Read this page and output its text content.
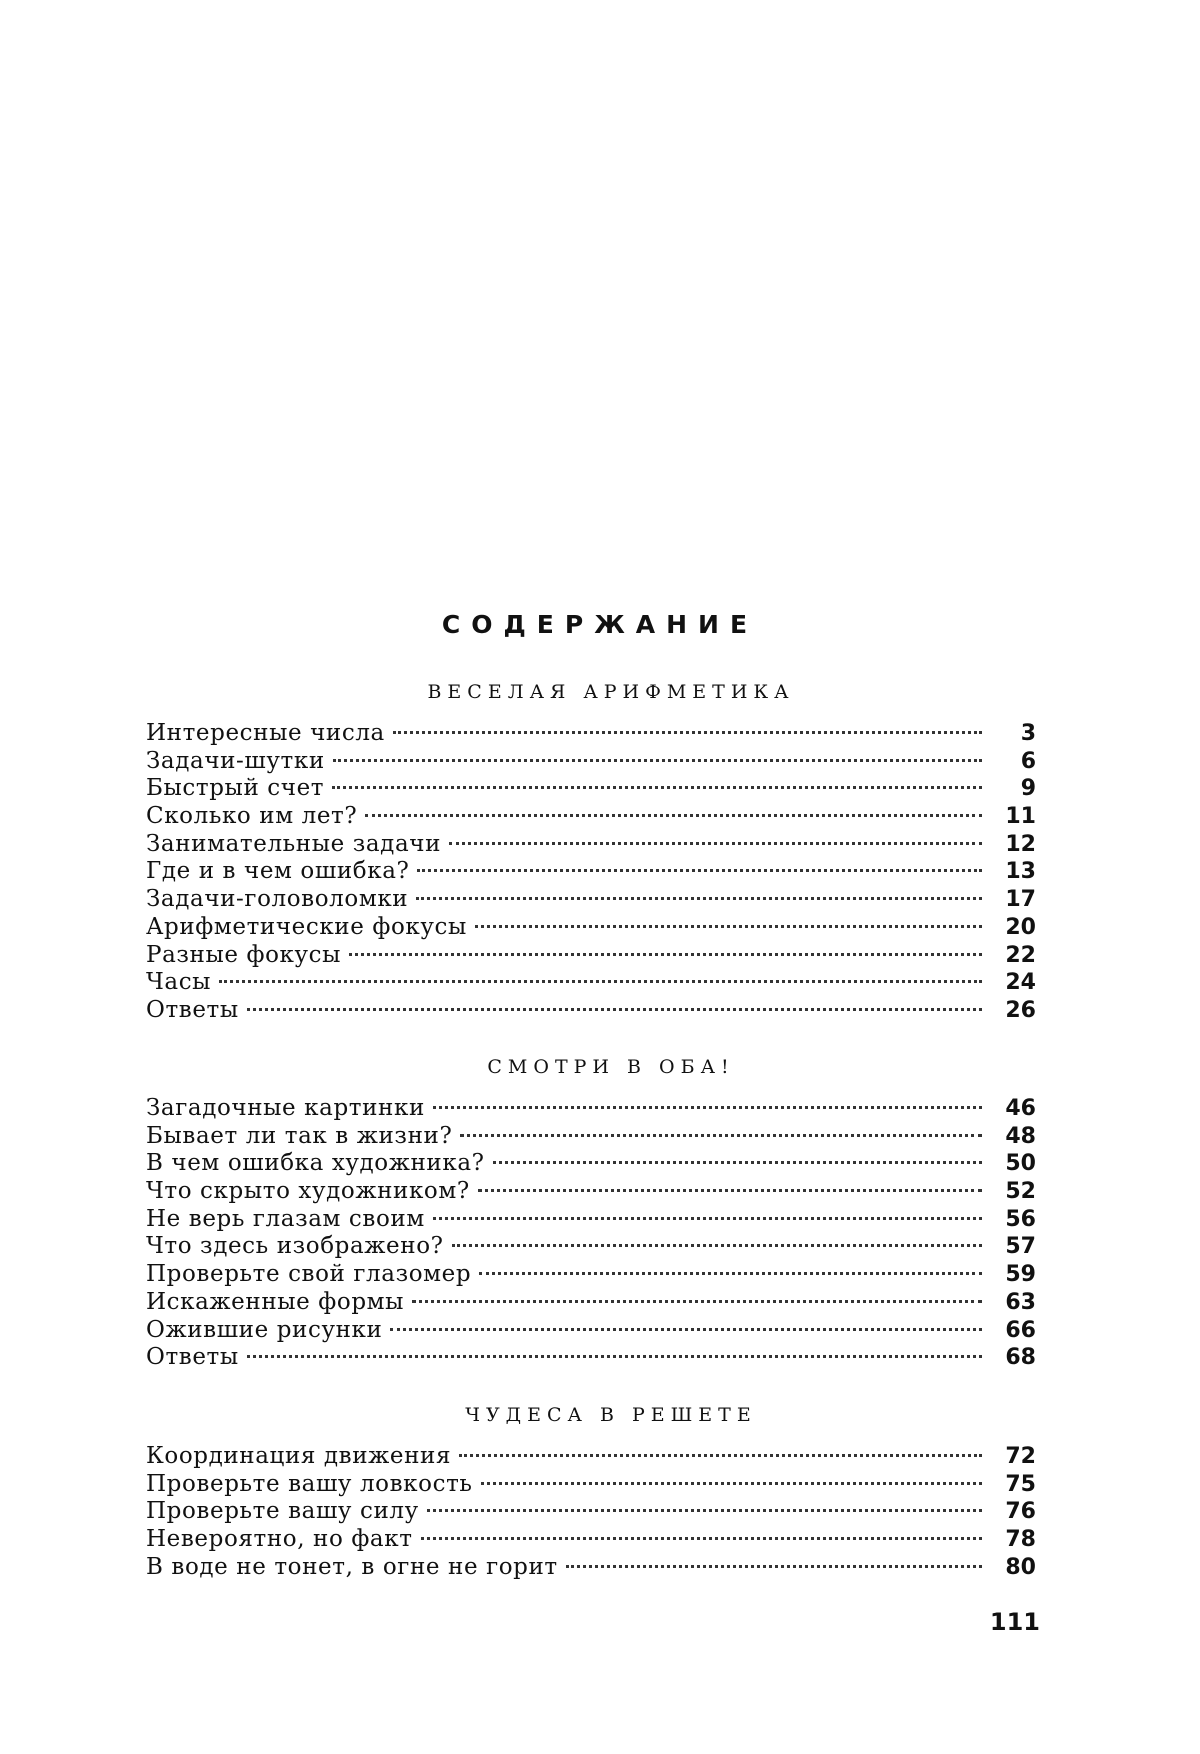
СОДЕРЖАНИЕ
ВЕСЕЛАЯ АРИФМЕТИКА
Интересные числа	3
Задачи-шутки	6
Быстрый счет	9
Сколько им лет?	11
Занимательные задачи	12
Где и в чем ошибка?	13
Задачи-головоломки	17
Арифметические фокусы	20
Разные фокусы	22
Часы	24
Ответы	26
СМОТРИ В ОБА!
Загадочные картинки	46
Бывает ли так в жизни?	48
В чем ошибка художника?	50
Что скрыто художником?	52
Не верь глазам своим	56
Что здесь изображено?	57
Проверьте свой глазомер	59
Искаженные формы	63
Ожившие рисунки	66
Ответы	68
ЧУДЕСА В РЕШЕТЕ
Координация движения	72
Проверьте вашу ловкость	75
Проверьте вашу силу	76
Невероятно, но факт	78
В воде не тонет, в огне не горит	80
111
